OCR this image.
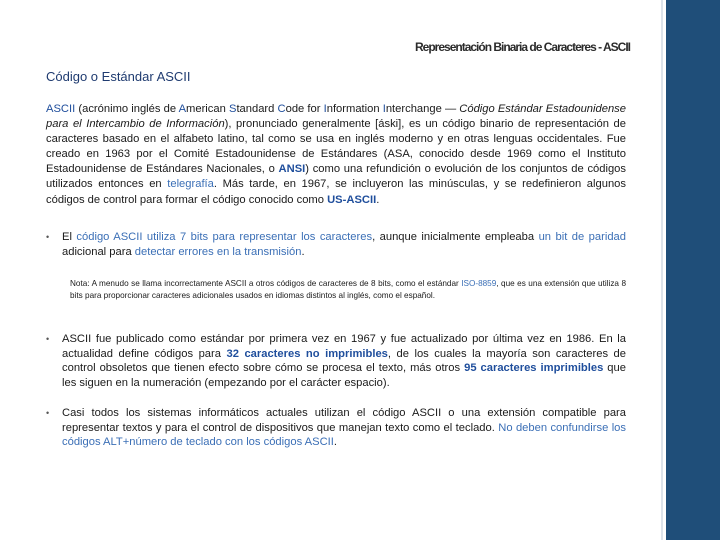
Representación Binaria de Caracteres - ASCII
Código o Estándar ASCII
ASCII (acrónimo inglés de American Standard Code for Information Interchange — Código Estándar Estadounidense para el Intercambio de Información), pronunciado generalmente [áski], es un código binario de representación de caracteres basado en el alfabeto latino, tal como se usa en inglés moderno y en otras lenguas occidentales. Fue creado en 1963 por el Comité Estadounidense de Estándares (ASA, conocido desde 1969 como el Instituto Estadounidense de Estándares Nacionales, o ANSI) como una refundición o evolución de los conjuntos de códigos utilizados entonces en telegrafía. Más tarde, en 1967, se incluyeron las minúsculas, y se redefinieron algunos códigos de control para formar el código conocido como US-ASCII.
• El código ASCII utiliza 7 bits para representar los caracteres, aunque inicialmente empleaba un bit de paridad adicional para detectar errores en la transmisión.
Nota: A menudo se llama incorrectamente ASCII a otros códigos de caracteres de 8 bits, como el estándar ISO-8859, que es una extensión que utiliza 8 bits para proporcionar caracteres adicionales usados en idiomas distintos al inglés, como el español.
• ASCII fue publicado como estándar por primera vez en 1967 y fue actualizado por última vez en 1986. En la actualidad define códigos para 32 caracteres no imprimibles, de los cuales la mayoría son caracteres de control obsoletos que tienen efecto sobre cómo se procesa el texto, más otros 95 caracteres imprimibles que les siguen en la numeración (empezando por el carácter espacio).
• Casi todos los sistemas informáticos actuales utilizan el código ASCII o una extensión compatible para representar textos y para el control de dispositivos que manejan texto como el teclado. No deben confundirse los códigos ALT+número de teclado con los códigos ASCII.
